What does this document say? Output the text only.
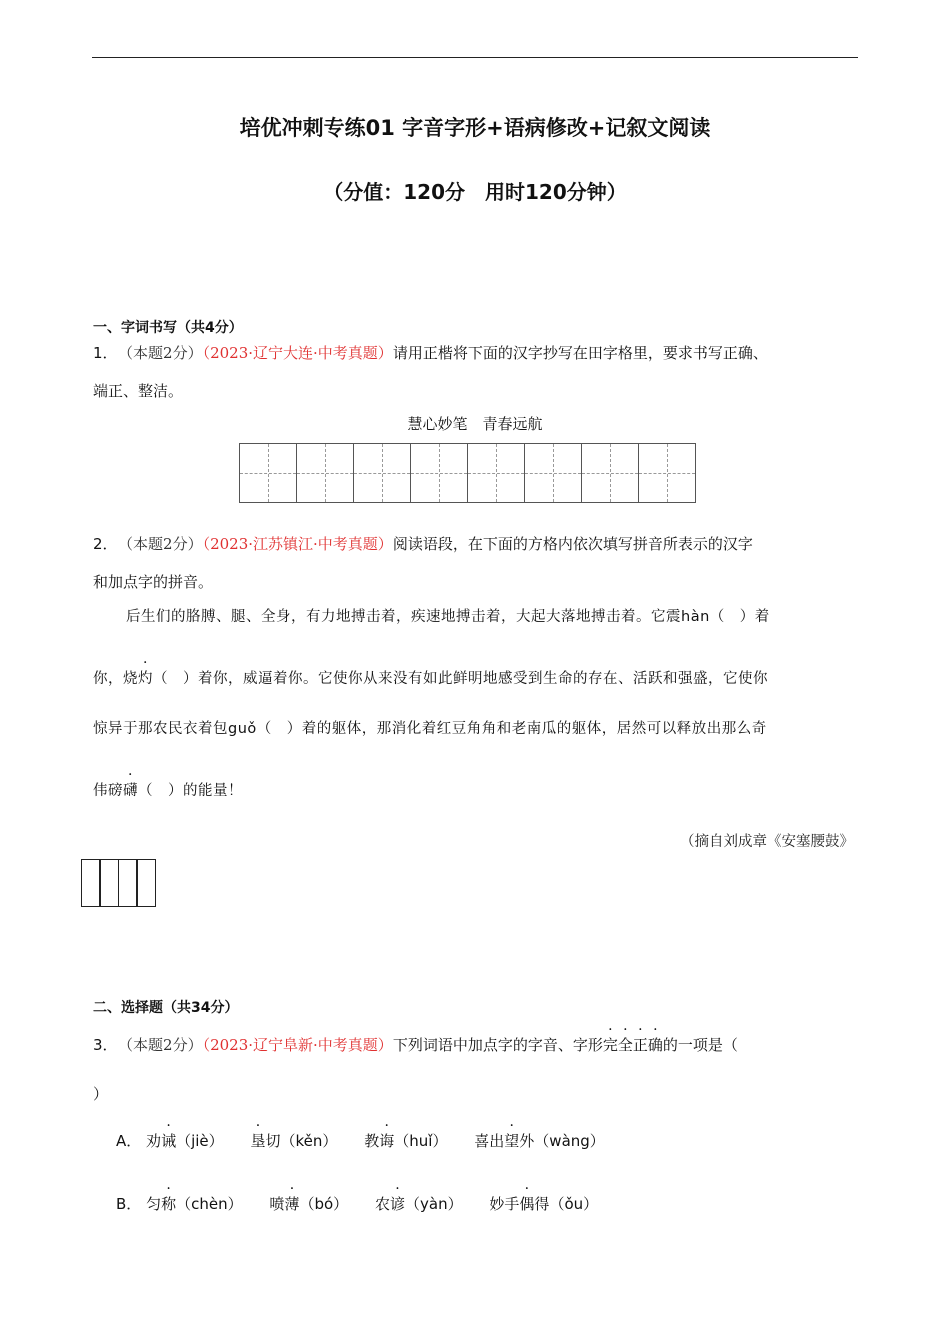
培优冲刺专练01 字音字形+语病修改+记叙文阅读
（分值：120分　用时120分钟）
一、字词书写（共4分）
1． （本题2分）（2023·辽宁大连·中考真题）请用正楷将下面的汉字抄写在田字格里，要求书写正确、
端正、整洁。
慧心妙笔　青春远航
2． （本题2分）（2023·江苏镇江·中考真题）阅读语段，在下面的方格内依次填写拼音所表示的汉字
和加点字的拼音。
后生们的胳膊、腿、全身，有力地搏击着，疾速地搏击着，大起大落地搏击着。它震hàn（　）着
你，烧灼（　）着你，威逼着你。它使你从来没有如此鲜明地感受到生命的存在、活跃和强盛，它使你
惊异于那农民衣着包guǒ（　）着的躯体，那消化着红豆角角和老南瓜的躯体，居然可以释放出那么奇
伟磅礴（　）的能量！
（摘自刘成章《安塞腰鼓》
二、选择题（共34分）
3． （本题2分）（2023·辽宁阜新·中考真题）下列词语中加点字的字音、字形完全正确的一项是（
）
A． 劝诫（jiè） 垦切（kěn） 教诲（huǐ） 喜出望外（wàng）
B． 匀称（chèn） 喷薄（bó） 农谚（yàn） 妙手偶得（ǒu）
